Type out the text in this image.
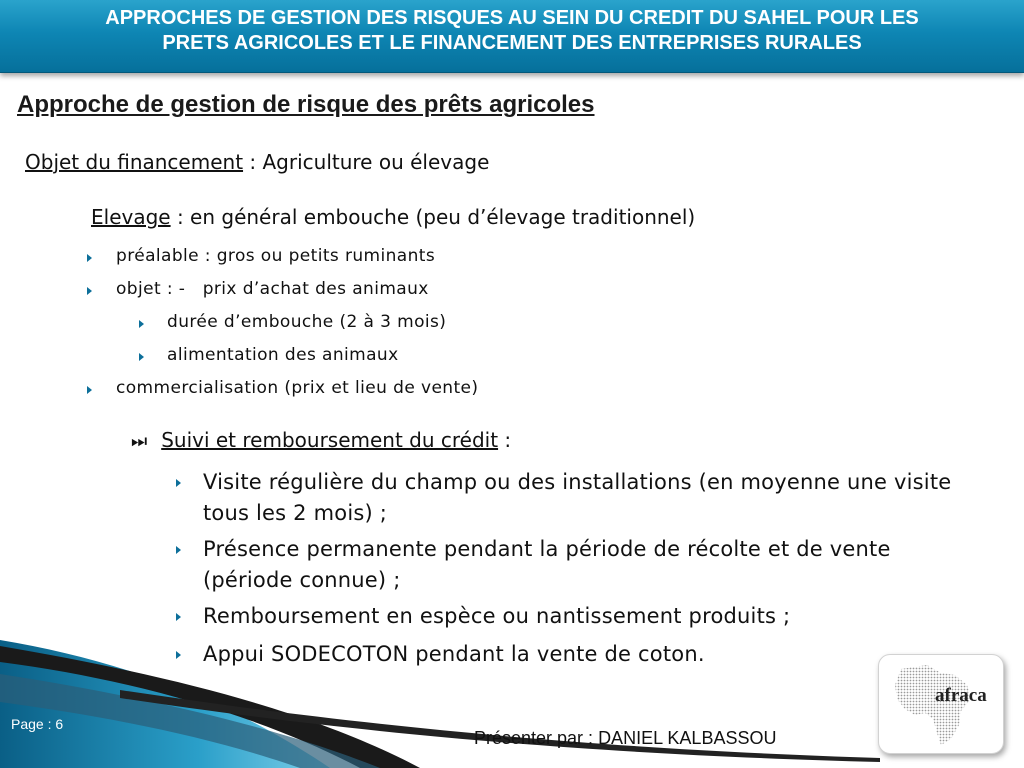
APPROCHES DE GESTION DES RISQUES AU SEIN DU CREDIT DU SAHEL POUR LES
PRETS AGRICOLES ET LE FINANCEMENT DES ENTREPRISES RURALES
Approche de gestion de risque des prêts agricoles
Objet du financement : Agriculture ou élevage
Elevage : en général embouche (peu d’élevage traditionnel)
préalable : gros ou petits ruminants
objet : -   prix d’achat des animaux
durée d’embouche (2 à 3 mois)
alimentation des animaux
commercialisation (prix et lieu de vente)
⏭ Suivi et remboursement du crédit :
Visite régulière du champ ou des installations (en moyenne une visite tous les 2 mois) ;
Présence permanente pendant la période de récolte et de vente (période connue) ;
Remboursement en espèce ou nantissement produits ;
Appui SODECOTON pendant la vente de coton.
Page : 6
Présenter par : DANIEL KALBASSOU
afraca
